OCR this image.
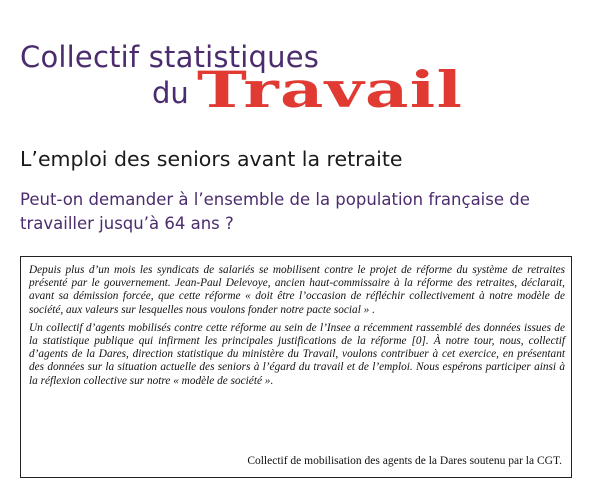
Collectif statistiques
du Travail
L’emploi des seniors avant la retraite
Peut-on demander à l’ensemble de la population française de travailler jusqu’à 64 ans ?

Depuis plus d’un mois les syndicats de salariés se mobilisent contre le projet de réforme du système de retraites présenté par le gouvernement. Jean-Paul Delevoye, ancien haut-commissaire à la réforme des retraites, déclarait, avant sa démission forcée, que cette réforme « doit être l’occasion de réfléchir collectivement à notre modèle de société, aux valeurs sur lesquelles nous voulons fonder notre pacte social » .

Un collectif d’agents mobilisés contre cette réforme au sein de l’Insee a récemment rassemblé des données issues de la statistique publique qui infirment les principales justifications de la réforme [0]. À notre tour, nous, collectif d’agents de la Dares, direction statistique du ministère du Travail, voulons contribuer à cet exercice, en présentant des données sur la situation actuelle des seniors à l’égard du travail et de l’emploi. Nous espérons participer ainsi à la réflexion collective sur notre « modèle de société ».

Collectif de mobilisation des agents de la Dares soutenu par la CGT.
